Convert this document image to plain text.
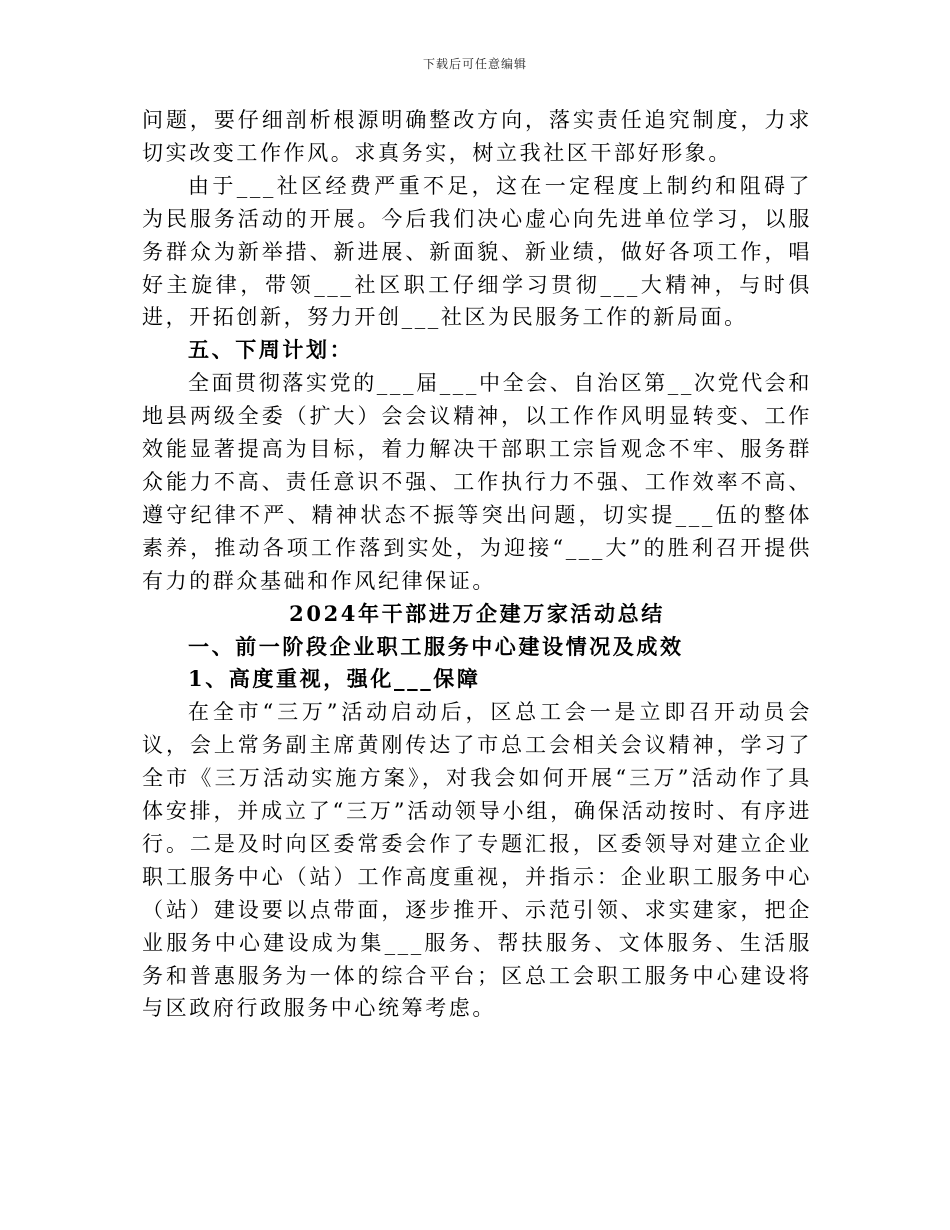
下载后可任意编辑

问题，要仔细剖析根源明确整改方向，落实责任追究制度，力求切实改变工作作风。求真务实，树立我社区干部好形象。

由于___社区经费严重不足，这在一定程度上制约和阻碍了为民服务活动的开展。今后我们决心虚心向先进单位学习，以服务群众为新举措、新进展、新面貌、新业绩，做好各项工作，唱好主旋律，带领___社区职工仔细学习贯彻___大精神，与时俱进，开拓创新，努力开创___社区为民服务工作的新局面。

五、下周计划：

全面贯彻落实党的___届___中全会、自治区第__次党代会和地县两级全委（扩大）会会议精神，以工作作风明显转变、工作效能显著提高为目标，着力解决干部职工宗旨观念不牢、服务群众能力不高、责任意识不强、工作执行力不强、工作效率不高、遵守纪律不严、精神状态不振等突出问题，切实提___伍的整体素养，推动各项工作落到实处，为迎接“___大”的胜利召开提供有力的群众基础和作风纪律保证。

2024年干部进万企建万家活动总结

一、前一阶段企业职工服务中心建设情况及成效

1、高度重视，强化___保障

在全市“三万”活动启动后，区总工会一是立即召开动员会议，会上常务副主席黄刚传达了市总工会相关会议精神，学习了全市《三万活动实施方案》，对我会如何开展“三万”活动作了具体安排，并成立了“三万”活动领导小组，确保活动按时、有序进行。二是及时向区委常委会作了专题汇报，区委领导对建立企业职工服务中心（站）工作高度重视，并指示：企业职工服务中心（站）建设要以点带面，逐步推开、示范引领、求实建家，把企业服务中心建设成为集___服务、帮扶服务、文体服务、生活服务和普惠服务为一体的综合平台；区总工会职工服务中心建设将与区政府行政服务中心统筹考虑。
